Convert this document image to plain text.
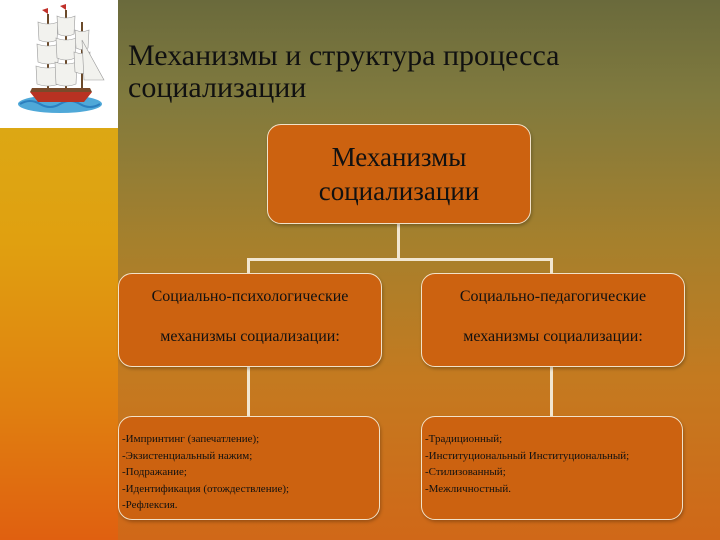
Механизмы и структура процесса
социализации
Механизмы
социализации
Социально-психологические
механизмы социализации:
Социально-педагогические
механизмы социализации:
-Импринтинг (запечатление);
-Экзистенциальный нажим;
-Подражание;
-Идентификация (отождествление);
-Рефлексия.
-Традиционный;
-Институциональный Институциональный;
-Стилизованный;
-Межличностный.
